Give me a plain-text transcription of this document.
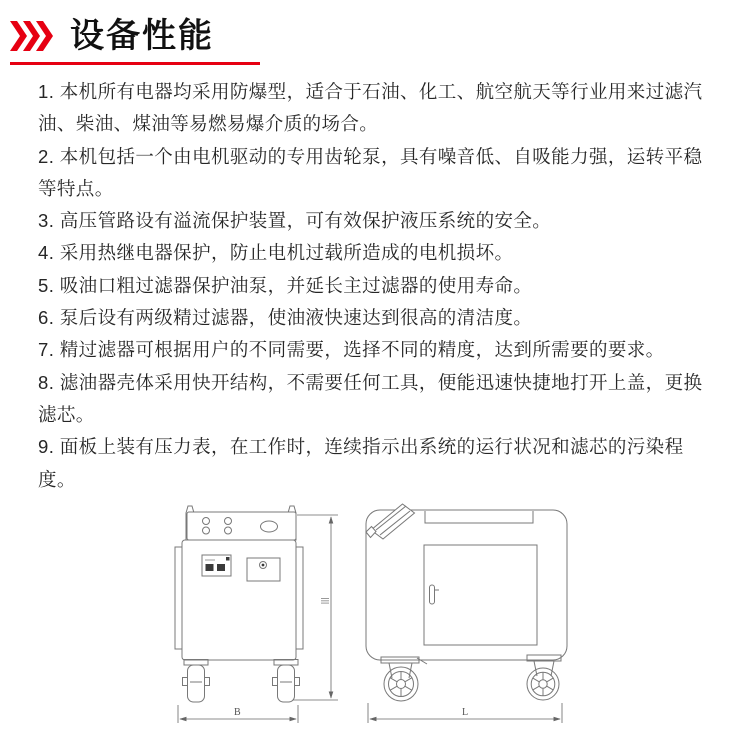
设备性能
1. 本机所有电器均采用防爆型，适合于石油、化工、航空航天等行业用来过滤汽油、柴油、煤油等易燃易爆介质的场合。
2. 本机包括一个由电机驱动的专用齿轮泵，具有噪音低、自吸能力强，运转平稳等特点。
3. 高压管路设有溢流保护装置，可有效保护液压系统的安全。
4. 采用热继电器保护，防止电机过载所造成的电机损坏。
5. 吸油口粗过滤器保护油泵，并延长主过滤器的使用寿命。
6. 泵后设有两级精过滤器，使油液快速达到很高的清洁度。
7. 精过滤器可根据用户的不同需要，选择不同的精度，达到所需要的要求。
8. 滤油器壳体采用快开结构，不需要任何工具，便能迅速快捷地打开上盖，更换滤芯。
9. 面板上装有压力表，在工作时，连续指示出系统的运行状况和滤芯的污染程度。
B	L
